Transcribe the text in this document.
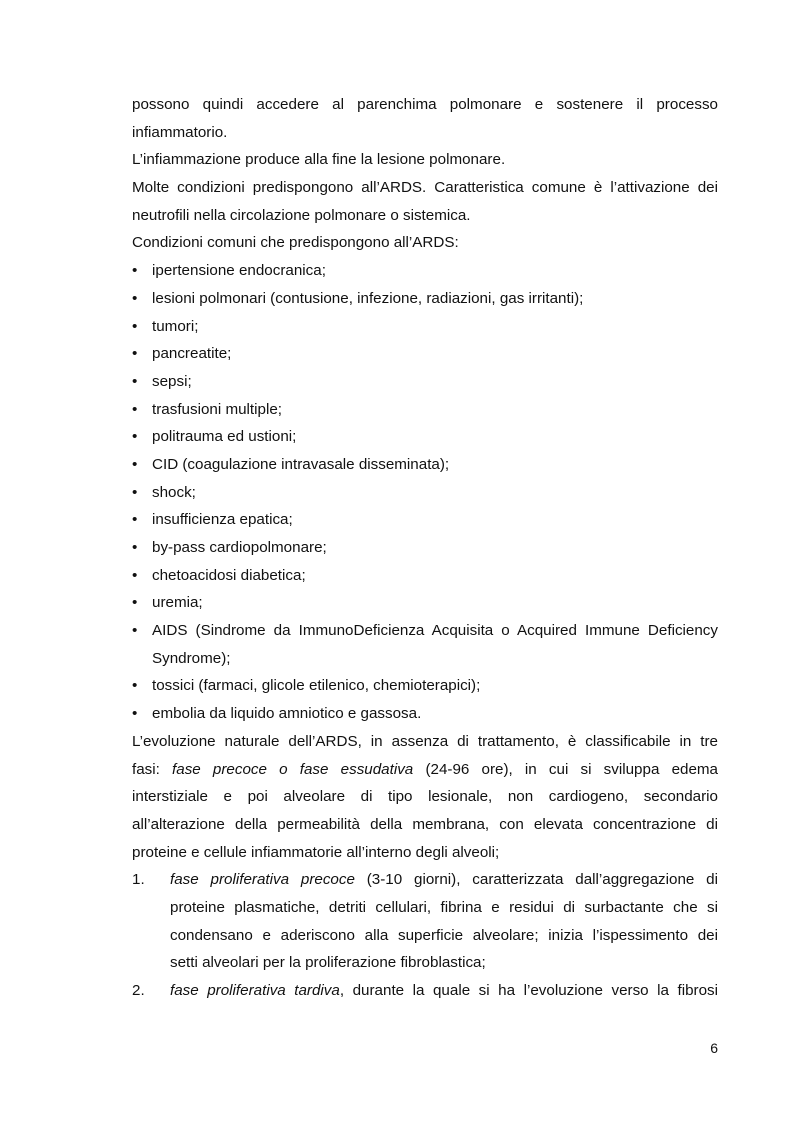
possono quindi accedere al parenchima polmonare e sostenere il processo
infiammatorio.
L’infiammazione produce alla fine la lesione polmonare.
Molte condizioni predispongono all’ARDS. Caratteristica comune è l’attivazione dei
neutrofili nella circolazione polmonare o sistemica.
Condizioni comuni che predispongono all’ARDS:
• ipertensione endocranica;
• lesioni polmonari (contusione, infezione, radiazioni, gas irritanti);
• tumori;
• pancreatite;
• sepsi;
• trasfusioni multiple;
• politrauma ed ustioni;
• CID (coagulazione intravasale disseminata);
• shock;
• insufficienza epatica;
• by-pass cardiopolmonare;
• chetoacidosi diabetica;
• uremia;
• AIDS (Sindrome da ImmunoDeficienza Acquisita o Acquired Immune Deficiency
Syndrome);
• tossici (farmaci, glicole etilenico, chemioterapici);
• embolia da liquido amniotico e gassosa.
L’evoluzione naturale dell’ARDS, in assenza di trattamento, è classificabile in tre
fasi: fase precoce o fase essudativa (24-96 ore), in cui si sviluppa edema
interstiziale e poi alveolare di tipo lesionale, non cardiogeno, secondario
all’alterazione della permeabilità della membrana, con elevata concentrazione di
proteine e cellule infiammatorie all’interno degli alveoli;
1. fase proliferativa precoce (3-10 giorni), caratterizzata dall’aggregazione di
proteine plasmatiche, detriti cellulari, fibrina e residui di surbactante che si
condensano e aderiscono alla superficie alveolare; inizia l’ispessimento dei
setti alveolari per la proliferazione fibroblastica;
2. fase proliferativa tardiva, durante la quale si ha l’evoluzione verso la fibrosi
6
